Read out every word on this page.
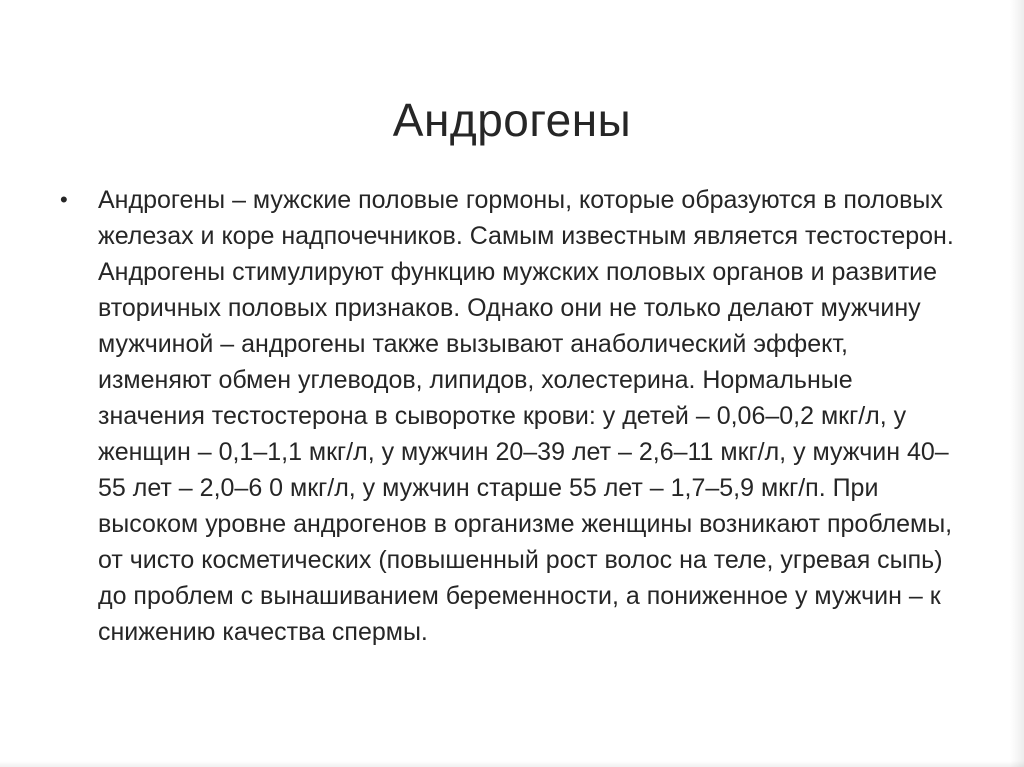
Андрогены
•	Андрогены – мужские половые гормоны, которые образуются в половых железах и коре надпочечников. Самым известным является тестостерон. Андрогены стимулируют функцию мужских половых органов и развитие вторичных половых признаков. Однако они не только делают мужчину мужчиной – андрогены также вызывают анаболический эффект, изменяют обмен углеводов, липидов, холестерина. Нормальные значения тестостерона в сыворотке крови: у детей – 0,06–0,2 мкг/л, у женщин – 0,1–1,1 мкг/л, у мужчин 20–39 лет – 2,6–11 мкг/л, у мужчин 40–55 лет – 2,0–6 0 мкг/л, у мужчин старше 55 лет – 1,7–5,9 мкг/п. При высоком уровне андрогенов в организме женщины возникают проблемы, от чисто косметических (повышенный рост волос на теле, угревая сыпь) до проблем с вынашиванием беременности, а пониженное у мужчин – к снижению качества спермы.
